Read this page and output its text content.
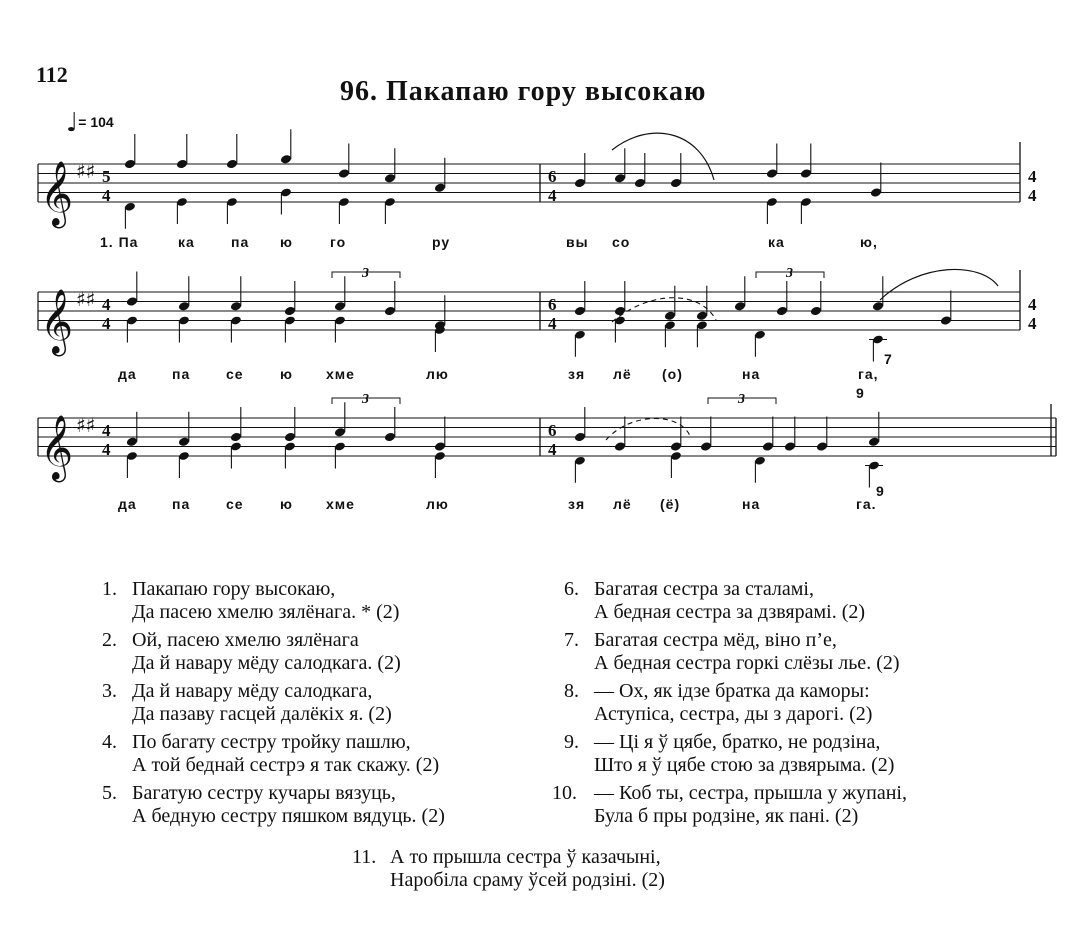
112
96. Пакапаю гору высокаю
♩= 104
𝄞 ♯♯ 5
4
6
4
4
4
𝄞 ♯♯ 4
4
6
4
4
4
𝄞 ♯♯ 4
4
6
4
3
3
3
3
7
9
9
1. Па	ка	па ю	го	ру	вы со	ка	ю,
да	па	се	ю хме	лю	зя лё (о)	на	га,
да	па	се	ю хме	лю	зя лё (ё)	на	га.
1. Пакапаю гору высокаю,
Да пасею хмелю зялёнага. * (2)
2. Ой, пасею хмелю зялёнага
Да й навару мёду салодкага. (2)
3. Да й навару мёду салодкага,
Да пазаву гасцей далёкіх я. (2)
4. По багату сестру тройку пашлю,
А той беднай сестрэ я так скажу. (2)
5. Багатую сестру кучары вязуць,
А бедную сестру пяшком вядуць. (2)
6. Багатая сестра за сталамі,
А бедная сестра за дзвярамі. (2)
7. Багатая сестра мёд, віно п’е,
А бедная сестра горкі слёзы лье. (2)
8. — Ох, як ідзе братка да каморы:
Аступіса, сестра, ды з дарогі. (2)
9. — Ці я ў цябе, братко, не родзіна,
Што я ў цябе стою за дзвярыма. (2)
10. — Коб ты, сестра, прышла у жупані,
Була б пры родзіне, як пані. (2)
11. А то прышла сестра ў казачыні,
Наробіла сраму ўсей родзіні. (2)
